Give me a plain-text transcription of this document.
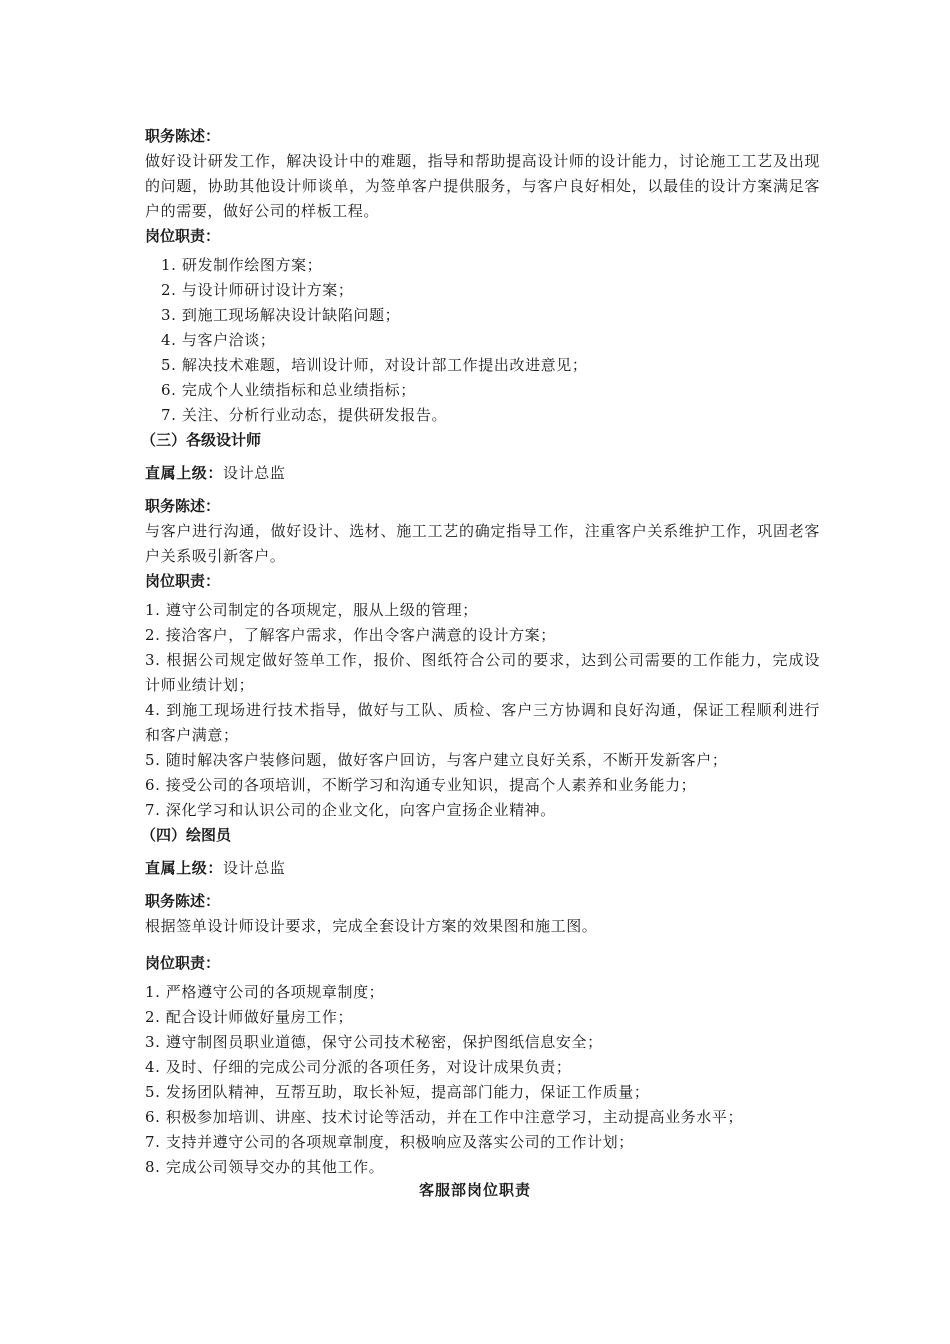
职务陈述：

做好设计研发工作，解决设计中的难题，指导和帮助提高设计师的设计能力，讨论施工工艺及出现的问题，协助其他设计师谈单，为签单客户提供服务，与客户良好相处，以最佳的设计方案满足客户的需要，做好公司的样板工程。

岗位职责：

1. 研发制作绘图方案；

2. 与设计师研讨设计方案；

3. 到施工现场解决设计缺陷问题；

4. 与客户洽谈；

5. 解决技术难题，培训设计师，对设计部工作提出改进意见；

6. 完成个人业绩指标和总业绩指标；

7. 关注、分析行业动态，提供研发报告。

（三）各级设计师

直属上级：设计总监

职务陈述：

与客户进行沟通，做好设计、选材、施工工艺的确定指导工作，注重客户关系维护工作，巩固老客户关系吸引新客户。

岗位职责：

1. 遵守公司制定的各项规定，服从上级的管理；

2. 接洽客户，了解客户需求，作出令客户满意的设计方案；

3. 根据公司规定做好签单工作，报价、图纸符合公司的要求，达到公司需要的工作能力，完成设计师业绩计划；

4. 到施工现场进行技术指导，做好与工队、质检、客户三方协调和良好沟通，保证工程顺利进行和客户满意；

5. 随时解决客户装修问题，做好客户回访，与客户建立良好关系，不断开发新客户；

6. 接受公司的各项培训，不断学习和沟通专业知识，提高个人素养和业务能力；

7. 深化学习和认识公司的企业文化，向客户宣扬企业精神。

（四）绘图员

直属上级：设计总监

职务陈述：

根据签单设计师设计要求，完成全套设计方案的效果图和施工图。

岗位职责：

1. 严格遵守公司的各项规章制度；

2. 配合设计师做好量房工作；

3. 遵守制图员职业道德，保守公司技术秘密，保护图纸信息安全；

4. 及时、仔细的完成公司分派的各项任务，对设计成果负责；

5. 发扬团队精神，互帮互助，取长补短，提高部门能力，保证工作质量；

6. 积极参加培训、讲座、技术讨论等活动，并在工作中注意学习，主动提高业务水平；

7. 支持并遵守公司的各项规章制度，积极响应及落实公司的工作计划；

8. 完成公司领导交办的其他工作。

客服部岗位职责
